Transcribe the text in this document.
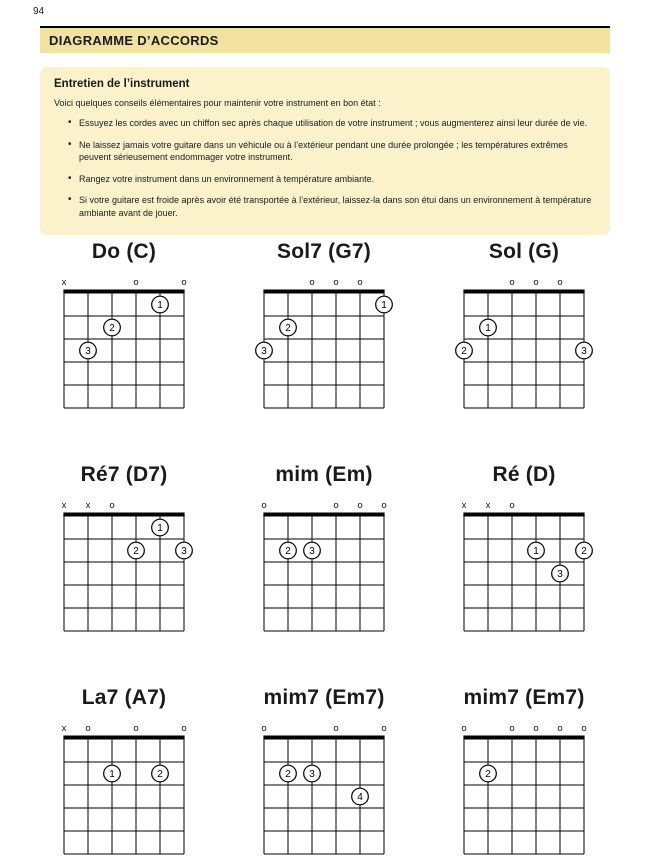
94
DIAGRAMME D’ACCORDS
Entretien de l’instrument
Voici quelques conseils élémentaires pour maintenir votre instrument en bon état :
• Essuyez les cordes avec un chiffon sec après chaque utilisation de votre instrument ; vous augmenterez ainsi leur durée de vie.
• Ne laissez jamais votre guitare dans un véhicule ou à l’extérieur pendant une durée prolongée ; les températures extrêmes peuvent sérieusement endommager votre instrument.
• Rangez votre instrument dans un environnement à température ambiante.
• Si votre guitare est froide après avoir été transportée à l’extérieur, laissez-la dans son étui dans un environnement à température ambiante avant de jouer.
Do (C)
x	o	o
1
2
3
Sol7 (G7)
o o o
1
2
3
Sol (G)
o o o
1
2	3
Ré7 (D7)
x x o
1
2	3
mim (Em)
o	o o o
2 3
Ré (D)
x x o
1	2
3
La7 (A7)
x o	o	o
1	2
mim7 (Em7)
o	o	o
2 3
4
mim7 (Em7)
o	o o o o
2
